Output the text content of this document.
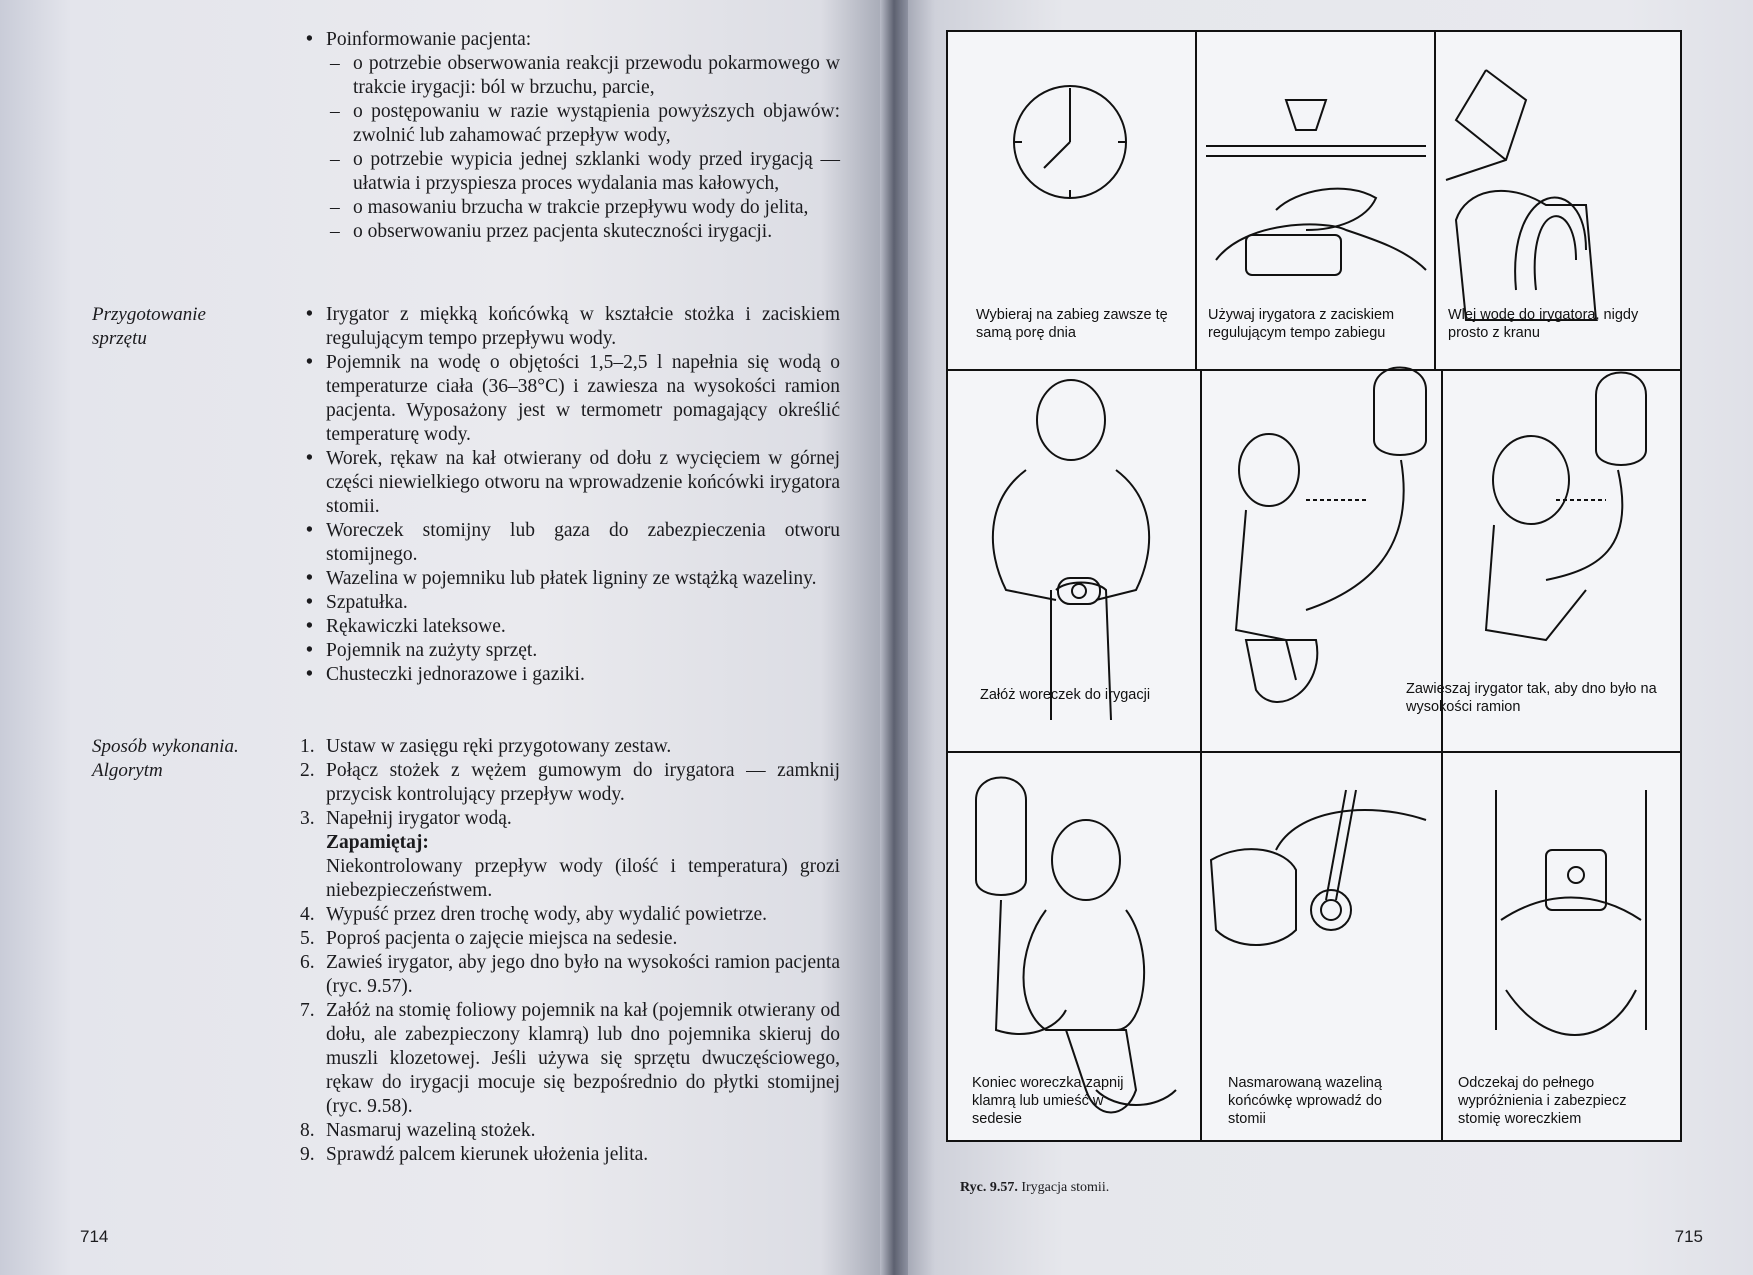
• Poinformowanie pacjenta:

– o potrzebie obserwowania reakcji przewodu pokarmowego w trakcie irygacji: ból w brzuchu, parcie,

– o postępowaniu w razie wystąpienia powyższych objawów: zwolnić lub zahamować przepływ wody,

– o potrzebie wypicia jednej szklanki wody przed irygacją — ułatwia i przyspiesza proces wydalania mas kałowych,

– o masowaniu brzucha w trakcie przepływu wody do jelita,

– o obserwowaniu przez pacjenta skuteczności irygacji.

Przygotowanie sprzętu

• Irygator z miękką końcówką w kształcie stożka i zaciskiem regulującym tempo przepływu wody.

• Pojemnik na wodę o objętości 1,5–2,5 l napełnia się wodą o temperaturze ciała (36–38°C) i zawiesza na wysokości ramion pacjenta. Wyposażony jest w termometr pomagający określić temperaturę wody.

• Worek, rękaw na kał otwierany od dołu z wycięciem w górnej części niewielkiego otworu na wprowadzenie końcówki irygatora stomii.

• Woreczek stomijny lub gaza do zabezpieczenia otworu stomijnego.

• Wazelina w pojemniku lub płatek ligniny ze wstążką wazeliny.

• Szpatułka.

• Rękawiczki lateksowe.

• Pojemnik na zużyty sprzęt.

• Chusteczki jednorazowe i gaziki.

Sposób wykonania. Algorytm

1. Ustaw w zasięgu ręki przygotowany zestaw.

2. Połącz stożek z wężem gumowym do irygatora — zamknij przycisk kontrolujący przepływ wody.

3. Napełnij irygator wodą.

Zapamiętaj:

Niekontrolowany przepływ wody (ilość i temperatura) grozi niebezpieczeństwem.

4. Wypuść przez dren trochę wody, aby wydalić powietrze.

5. Poproś pacjenta o zajęcie miejsca na sedesie.

6. Zawieś irygator, aby jego dno było na wysokości ramion pacjenta (ryc. 9.57).

7. Załóż na stomię foliowy pojemnik na kał (pojemnik otwierany od dołu, ale zabezpieczony klamrą) lub dno pojemnika skieruj do muszli klozetowej. Jeśli używa się sprzętu dwuczęściowego, rękaw do irygacji mocuje się bezpośrednio do płytki stomijnej (ryc. 9.58).

8. Nasmaruj wazeliną stożek.

9. Sprawdź palcem kierunek ułożenia jelita.

714	715
Wybieraj na zabieg zawsze tę samą porę dnia
Używaj irygatora z zaciskiem regulującym tempo zabiegu
Wlej wodę do irygatora, nigdy prosto z kranu
Załóż woreczek do irygacji	Zawieszaj irygator tak, aby dno było na wysokości ramion
Koniec woreczka zapnij klamrą lub umieść w sedesie
Nasmarowaną wazeliną końcówkę wprowadź do stomii
Odczekaj do pełnego wypróżnienia i zabezpiecz stomię woreczkiem
Ryc. 9.57. Irygacja stomii.
